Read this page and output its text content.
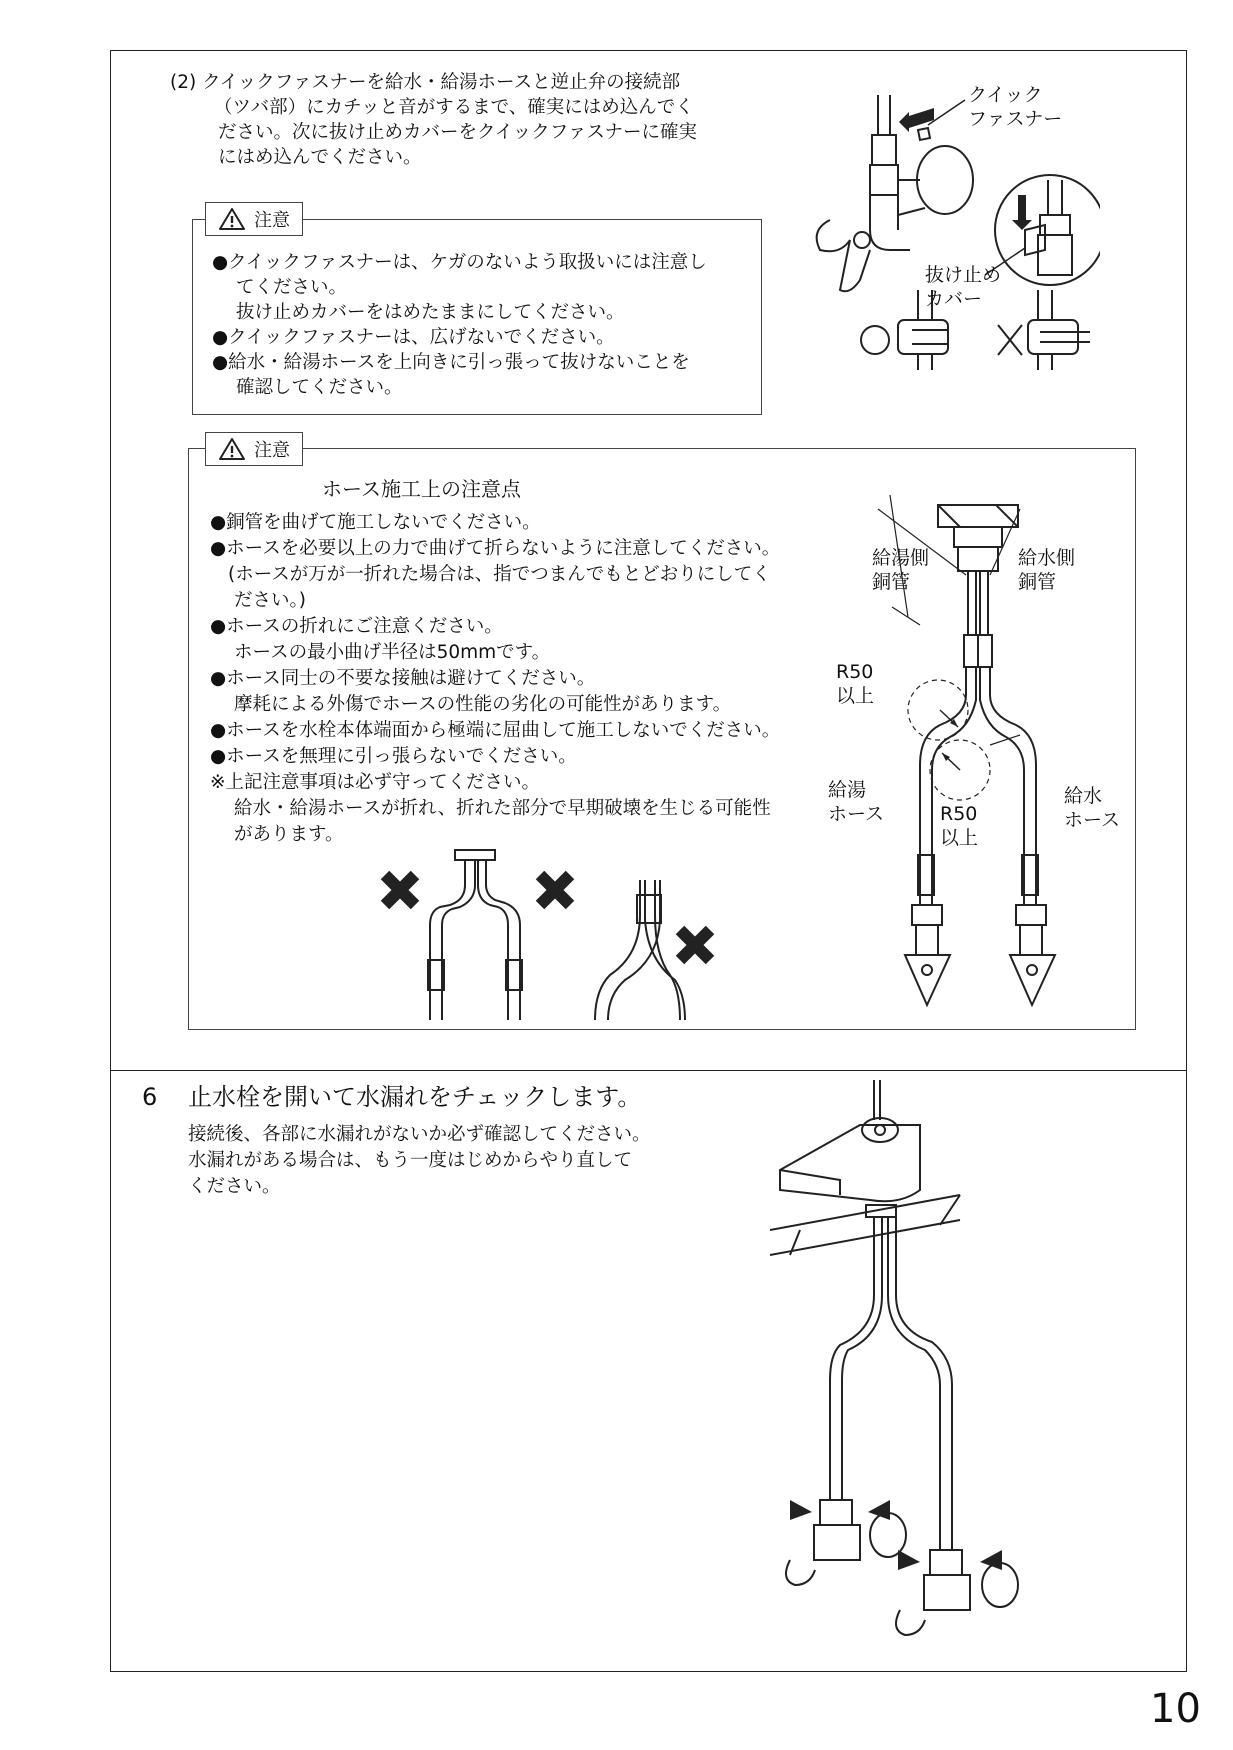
(2) クイックファスナーを給水・給湯ホースと逆止弁の接続部
（ツバ部）にカチッと音がするまで、確実にはめ込んでく
ださい。次に抜け止めカバーをクイックファスナーに確実
にはめ込んでください。
注意
●クイックファスナーは、ケガのないよう取扱いには注意し
てください。
抜け止めカバーをはめたままにしてください。
●クイックファスナーは、広げないでください。
●給水・給湯ホースを上向きに引っ張って抜けないことを
確認してください。
クイック
ファスナー
抜け止め
カバー
注意
ホース施工上の注意点
●銅管を曲げて施工しないでください。
●ホースを必要以上の力で曲げて折らないように注意してください。
(ホースが万が一折れた場合は、指でつまんでもとどおりにしてく
ださい。)
●ホースの折れにご注意ください。
ホースの最小曲げ半径は50mmです。
●ホース同士の不要な接触は避けてください。
摩耗による外傷でホースの性能の劣化の可能性があります。
●ホースを水栓本体端面から極端に屈曲して施工しないでください。
●ホースを無理に引っ張らないでください。
※上記注意事項は必ず守ってください。
給水・給湯ホースが折れ、折れた部分で早期破壊を生じる可能性
があります。
給湯側
銅管
給水側
銅管
R50
以上
給湯
ホース	R50
以上
給水
ホース
6 止水栓を開いて水漏れをチェックします。
接続後、各部に水漏れがないか必ず確認してください。
水漏れがある場合は、もう一度はじめからやり直して
ください。
10
